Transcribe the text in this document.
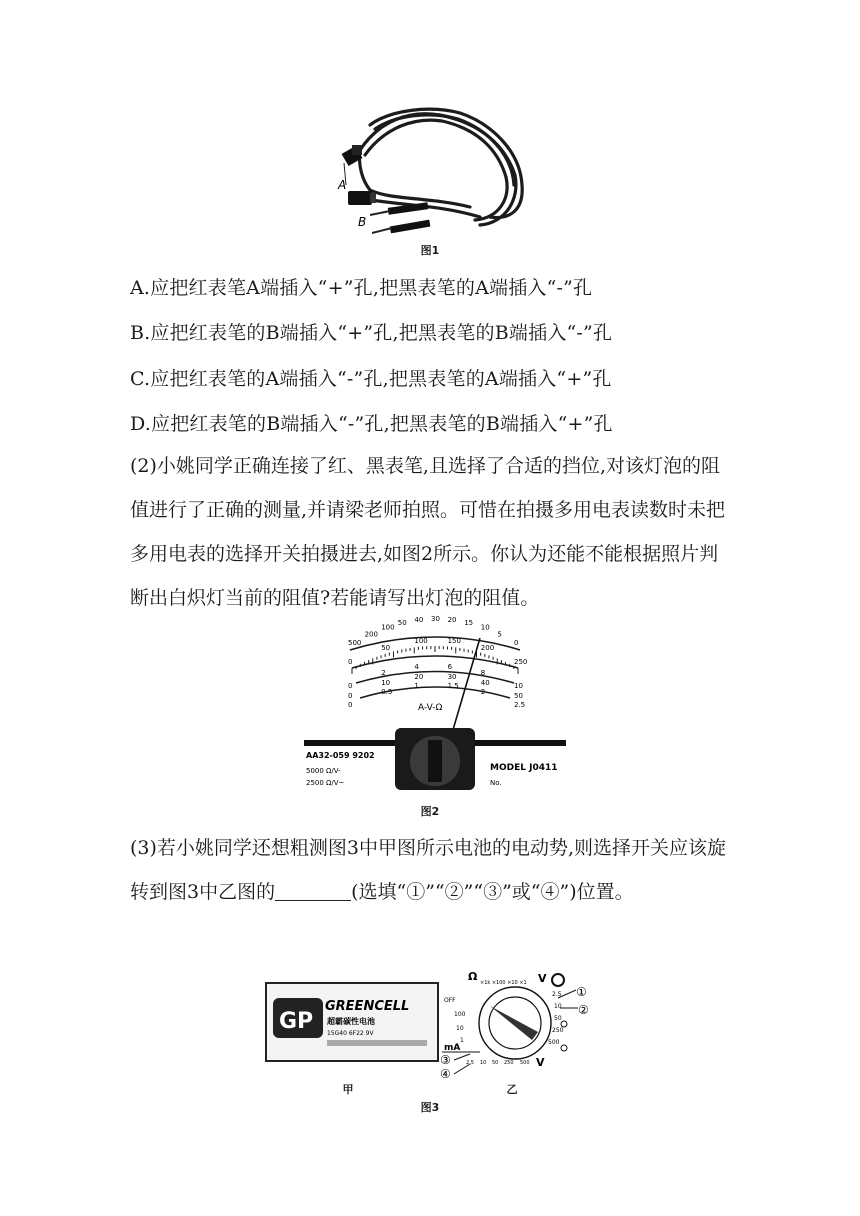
A
B
图1
A.应把红表笔A端插入“+”孔,把黑表笔的A端插入“-”孔
B.应把红表笔的B端插入“+”孔,把黑表笔的B端插入“-”孔
C.应把红表笔的A端插入“-”孔,把黑表笔的A端插入“+”孔
D.应把红表笔的B端插入“-”孔,把黑表笔的B端插入“+”孔
(2)小姚同学正确连接了红、黑表笔,且选择了合适的挡位,对该灯泡的阻值进行了正确的测量,并请梁老师拍照。可惜在拍摄多用电表读数时未把多用电表的选择开关拍摄进去,如图2所示。你认为还能不能根据照片判断出白炽灯当前的阻值?若能请写出灯泡的阻值。
A-V-Ω
AA32-059 9202
5000 Ω/V-
2500 Ω/V~
MODEL J0411
No.
500
200
100
50 40 30 20 15
10
5
0
0
50
100	150
200
250
0
2
4	6
8
10
0
10
20	30
40
50
0
0.5
1	1.5
2
2.5
图2
(3)若小姚同学还想粗测图3中甲图所示电池的电动势,则选择开关应该旋转到图3中乙图的	(选填“①”“②”“③”或“④”)位置。
GP
GREENCELL
超霸碳性电池
15G40 6F22 9V
甲
Ω ×1k ×100 ×10 ×1 V
OFF
100
10
1
2.5
10
50
250
500
①
②
mA
③
④
2.5 10 50 250 500 V
乙
图3
